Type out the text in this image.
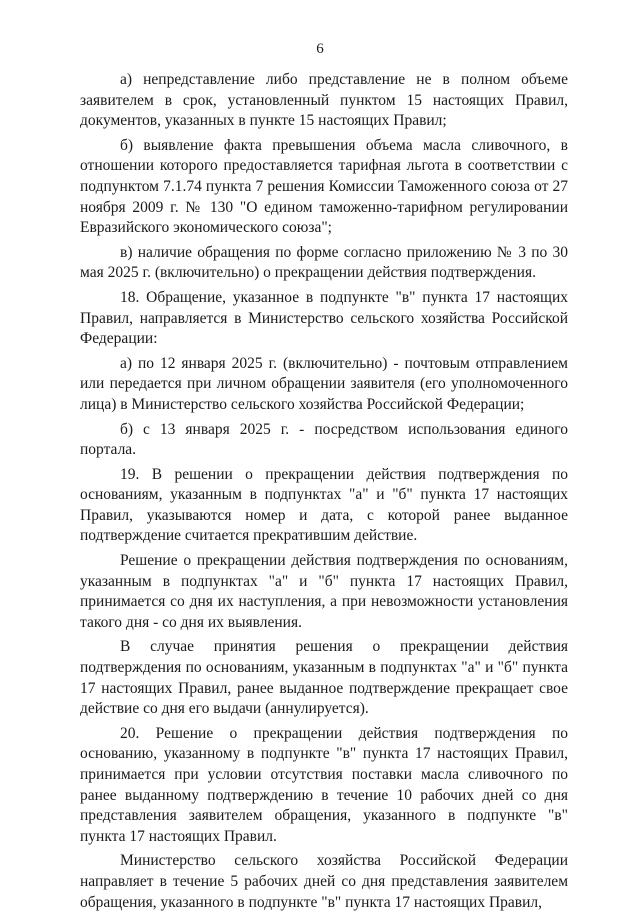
6

а) непредставление либо представление не в полном объеме заявителем в срок, установленный пунктом 15 настоящих Правил, документов, указанных в пункте 15 настоящих Правил;

б) выявление факта превышения объема масла сливочного, в отношении которого предоставляется тарифная льгота в соответствии с подпунктом 7.1.74 пункта 7 решения Комиссии Таможенного союза от 27 ноября 2009 г. № 130 "О едином таможенно-тарифном регулировании Евразийского экономического союза";

в) наличие обращения по форме согласно приложению № 3 по 30 мая 2025 г. (включительно) о прекращении действия подтверждения.

18. Обращение, указанное в подпункте "в" пункта 17 настоящих Правил, направляется в Министерство сельского хозяйства Российской Федерации:

а) по 12 января 2025 г. (включительно) - почтовым отправлением или передается при личном обращении заявителя (его уполномоченного лица) в Министерство сельского хозяйства Российской Федерации;

б) с 13 января 2025 г. - посредством использования единого портала.

19. В решении о прекращении действия подтверждения по основаниям, указанным в подпунктах "а" и "б" пункта 17 настоящих Правил, указываются номер и дата, с которой ранее выданное подтверждение считается прекратившим действие.

Решение о прекращении действия подтверждения по основаниям, указанным в подпунктах "а" и "б" пункта 17 настоящих Правил, принимается со дня их наступления, а при невозможности установления такого дня - со дня их выявления.

В случае принятия решения о прекращении действия подтверждения по основаниям, указанным в подпунктах "а" и "б" пункта 17 настоящих Правил, ранее выданное подтверждение прекращает свое действие со дня его выдачи (аннулируется).

20. Решение о прекращении действия подтверждения по основанию, указанному в подпункте "в" пункта 17 настоящих Правил, принимается при условии отсутствия поставки масла сливочного по ранее выданному подтверждению в течение 10 рабочих дней со дня представления заявителем обращения, указанного в подпункте "в" пункта 17 настоящих Правил.

Министерство сельского хозяйства Российской Федерации направляет в течение 5 рабочих дней со дня представления заявителем обращения, указанного в подпункте "в" пункта 17 настоящих Правил,
